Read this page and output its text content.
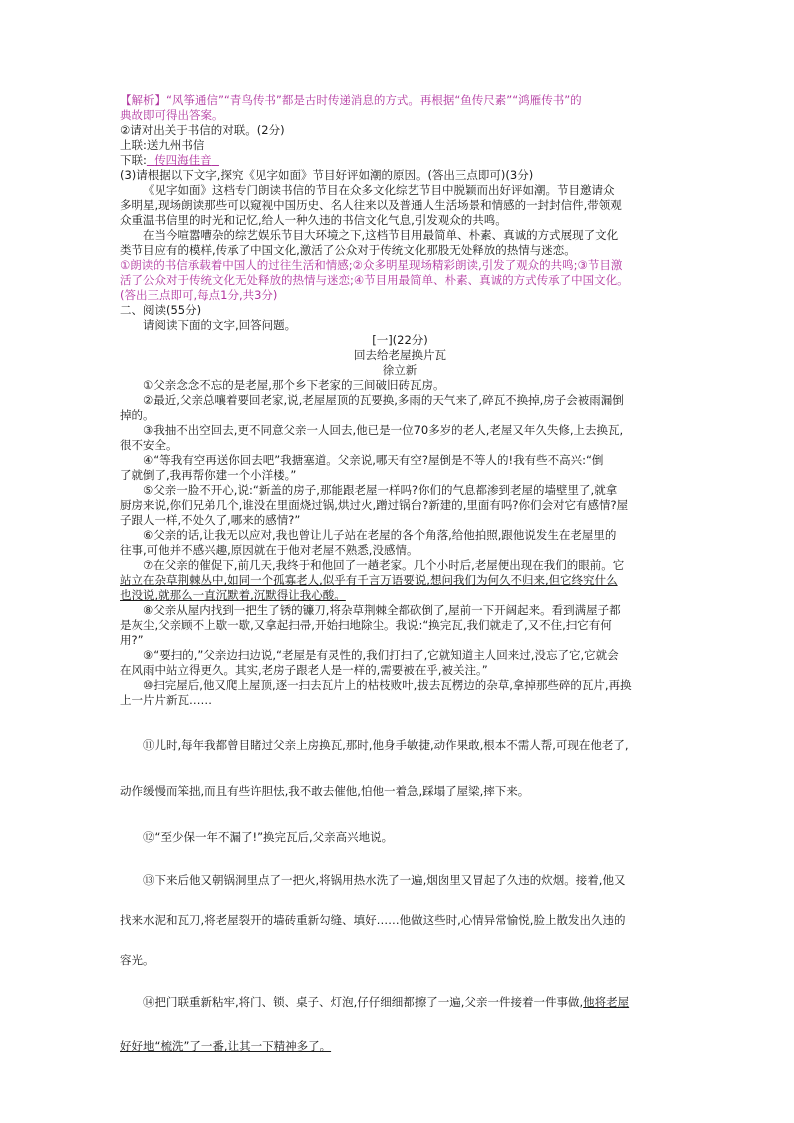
【解析】“风筝通信”“青鸟传书”都是古时传递消息的方式。再根据“鱼传尺素”“鸿雁传书”的
典故即可得出答案。
②请对出关于书信的对联。(2分)
上联:送九州书信
下联: 传四海佳音
(3)请根据以下文字,探究《见字如面》节目好评如潮的原因。(答出三点即可)(3分)
《见字如面》这档专门朗读书信的节目在众多文化综艺节目中脱颖而出好评如潮。节目邀请众
多明星,现场朗读那些可以窥视中国历史、名人往来以及普通人生活场景和情感的一封封信件,带领观
众重温书信里的时光和记忆,给人一种久违的书信文化气息,引发观众的共鸣。
在当今喧嚣嘈杂的综艺娱乐节目大环境之下,这档节目用最简单、朴素、真诚的方式展现了文化
类节目应有的模样,传承了中国文化,激活了公众对于传统文化那股无处释放的热情与迷恋。
①朗读的书信承载着中国人的过往生活和情感;②众多明星现场精彩朗读,引发了观众的共鸣;③节目激
活了公众对于传统文化无处释放的热情与迷恋;④节目用最简单、朴素、真诚的方式传承了中国文化。
(答出三点即可,每点1分,共3分)
二、阅读(55分)
请阅读下面的文字,回答问题。
[一](22分)
回去给老屋换片瓦
徐立新
①父亲念念不忘的是老屋,那个乡下老家的三间破旧砖瓦房。
②最近,父亲总嚷着要回老家,说,老屋屋顶的瓦要换,多雨的天气来了,碎瓦不换掉,房子会被雨漏倒
掉的。
③我抽不出空回去,更不同意父亲一人回去,他已是一位70多岁的老人,老屋又年久失修,上去换瓦,
很不安全。
④“等我有空再送你回去吧”我搪塞道。父亲说,哪天有空?屋倒是不等人的!我有些不高兴:“倒
了就倒了,我再帮你建一个小洋楼。”
⑤父亲一脸不开心,说:“新盖的房子,那能跟老屋一样吗?你们的气息都渗到老屋的墙壁里了,就拿
厨房来说,你们兄弟几个,谁没在里面烧过锅,烘过火,蹭过锅台?新建的,里面有吗?你们会对它有感情?屋
子跟人一样,不处久了,哪来的感情?”
⑥父亲的话,让我无以应对,我也曾让儿子站在老屋的各个角落,给他拍照,跟他说发生在老屋里的
往事,可他并不感兴趣,原因就在于他对老屋不熟悉,没感情。
⑦在父亲的催促下,前几天,我终于和他回了一趟老家。几个小时后,老屋便出现在我们的眼前。它
站立在杂草荆棘丛中,如同一个孤寡老人,似乎有千言万语要说,想问我们为何久不归来,但它终究什么
也没说,就那么一直沉默着,沉默得让我心酸。
⑧父亲从屋内找到一把生了锈的镰刀,将杂草荆棘全都砍倒了,屋前一下开阔起来。看到满屋子都
是灰尘,父亲顾不上歇一歇,又拿起扫帚,开始扫地除尘。我说:“换完瓦,我们就走了,又不住,扫它有何
用?”
⑨“要扫的,”父亲边扫边说,“老屋是有灵性的,我们打扫了,它就知道主人回来过,没忘了它,它就会
在风雨中站立得更久。其实,老房子跟老人是一样的,需要被在乎,被关注。”
⑩扫完屋后,他又爬上屋顶,逐一扫去瓦片上的枯枝败叶,拔去瓦楞边的杂草,拿掉那些碎的瓦片,再换
上一片片新瓦……
⑪儿时,每年我都曾目睹过父亲上房换瓦,那时,他身手敏捷,动作果敢,根本不需人帮,可现在他老了,
动作缓慢而笨拙,而且有些许胆怯,我不敢去催他,怕他一着急,踩塌了屋梁,摔下来。
⑫“至少保一年不漏了!”换完瓦后,父亲高兴地说。
⑬下来后他又朝锅洞里点了一把火,将锅用热水洗了一遍,烟囱里又冒起了久违的炊烟。接着,他又
找来水泥和瓦刀,将老屋裂开的墙砖重新勾缝、填好……他做这些时,心情异常愉悦,脸上散发出久违的
容光。
⑭把门联重新粘牢,将门、锁、桌子、灯泡,仔仔细细都擦了一遍,父亲一件接着一件事做,他将老屋
好好地“梳洗”了一番,让其一下精神多了。
